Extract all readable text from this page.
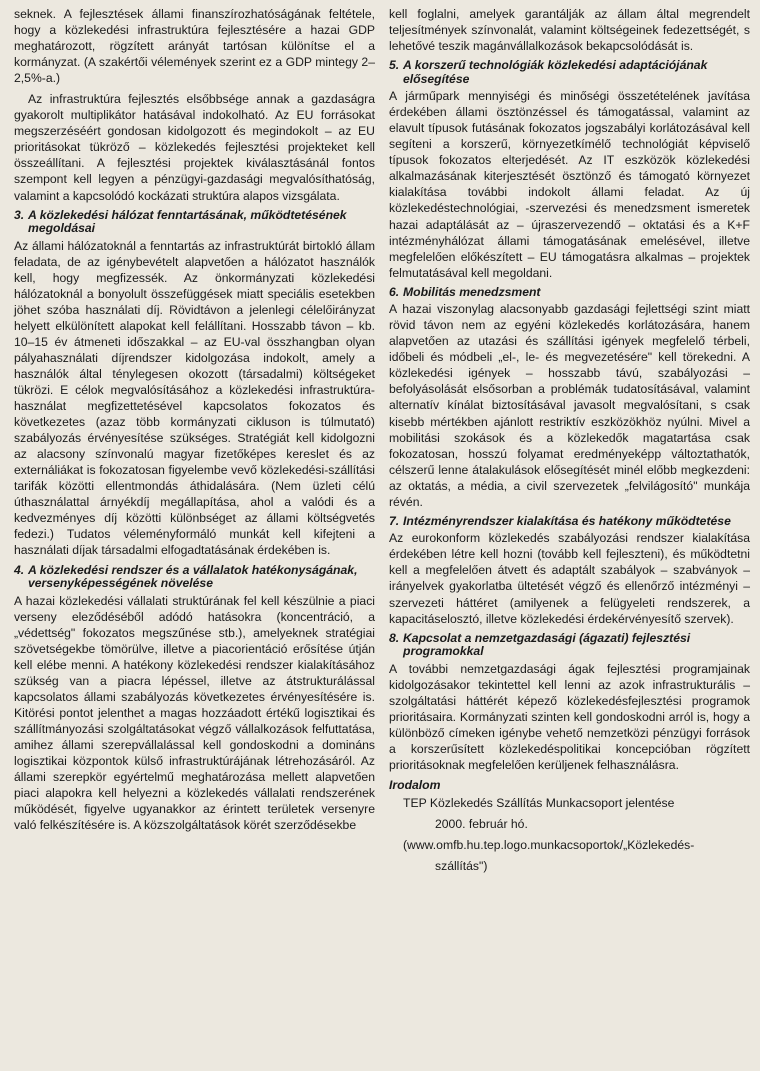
seknek. A fejlesztések állami finanszírozhatóságának feltétele, hogy a közlekedési infrastruktúra fejlesztésére a hazai GDP meghatározott, rögzített arányát tartósan különítse el a kormányzat. (A szakértői vélemények szerint ez a GDP mintegy 2–2,5%-a.)

Az infrastruktúra fejlesztés elsőbbsége annak a gazdaságra gyakorolt multiplikátor hatásával indokolható. Az EU forrásokat megszerzéséért gondosan kidolgozott és megindokolt – az EU prioritásokat tükröző – közlekedés fejlesztési projekteket kell összeállítani. A fejlesztési projektek kiválasztásánál fontos szempont kell legyen a pénzügyi-gazdasági megvalósíthatóság, valamint a kapcsolódó kockázati struktúra alapos vizsgálata.

3. A közlekedési hálózat fenntartásának, működtetésének megoldásai

Az állami hálózatoknál a fenntartás az infrastruktúrát birtokló állam feladata, de az igénybevételt alapvetően a hálózatot használók kell, hogy megfizessék. Az önkormányzati közlekedési hálózatoknál a bonyolult összefüggések miatt speciális esetekben jöhet szóba használati díj. Rövidtávon a jelenlegi célelőirányzat helyett elkülönített alapokat kell felállítani. Hosszabb távon – kb. 10–15 év átmeneti időszakkal – az EU-val összhangban olyan pályahasználati díjrendszer kidolgozása indokolt, amely a használók által ténylegesen okozott (társadalmi) költségeket tükrözi. E célok megvalósításához a közlekedési infrastruktúra-használat megfizettetésével kapcsolatos fokozatos és következetes (azaz több kormányzati cikluson is túlmutató) szabályozás érvényesítése szükséges. Stratégiát kell kidolgozni az alacsony színvonalú magyar fizetőképes kereslet és az externáliákat is fokozatosan figyelembe vevő közlekedési-szállítási tarifák közötti ellentmondás áthidalására. (Nem üzleti célú úthasználattal árnyékdíj megállapítása, ahol a valódi és a kedvezményes díj közötti különbséget az állami költségvetés fedezi.) Tudatos véleményformáló munkát kell kifejteni a használati díjak társadalmi elfogadtatásának érdekében is.

4. A közlekedési rendszer és a vállalatok hatékonyságának, versenyképességének növelése

A hazai közlekedési vállalati struktúrának fel kell készülnie a piaci verseny eleződéséből adódó hatásokra (koncentráció, a „védettség" fokozatos megszűnése stb.), amelyeknek stratégiai szövetségekbe tömörülve, illetve a piacorientáció erősítése útján kell elébe menni. A hatékony közlekedési rendszer kialakításához szükség van a piacra lépéssel, illetve az átstrukturálással kapcsolatos állami szabályozás következetes érvényesítésére is. Kitörési pontot jelenthet a magas hozzáadott értékű logisztikai és szállítmányozási szolgáltatásokat végző vállalkozások felfuttatása, amihez állami szerepvállalással kell gondoskodni a domináns logisztikai központok külső infrastruktúrájának létrehozásáról. Az állami szerepkör egyértelmű meghatározása mellett alapvetően piaci alapokra kell helyezni a közlekedés vállalati rendszerének működését, figyelve ugyanakkor az érintett területek versenyre való felkészítésére is. A közszolgáltatások körét szerződésekbe

kell foglalni, amelyek garantálják az állam által megrendelt teljesítmények színvonalát, valamint költségeinek fedezettségét, s lehetővé teszik magánvállalkozások bekapcsolódását is.

5. A korszerű technológiák közlekedési adaptációjának elősegítése

A járműpark mennyiségi és minőségi összetételének javítása érdekében állami ösztönzéssel és támogatással, valamint az elavult típusok futásának fokozatos jogszabályi korlátozásával kell segíteni a korszerű, környezetkímélő technológiát képviselő típusok fokozatos elterjedését. Az IT eszközök közlekedési alkalmazásának kiterjesztését ösztönző és támogató környezet kialakítása további indokolt állami feladat. Az új közlekedéstechnológiai, -szervezési és menedzsment ismeretek hazai adaptálását az – újraszervezendő – oktatási és a K+F intézményhálózat állami támogatásának emelésével, illetve megfelelően előkészített – EU támogatásra alkalmas – projektek felmutatásával kell megoldani.

6. Mobilitás menedzsment

A hazai viszonylag alacsonyabb gazdasági fejlettségi szint miatt rövid távon nem az egyéni közlekedés korlátozására, hanem alapvetően az utazási és szállítási igények megfelelő térbeli, időbeli és módbeli „el-, le- és megvezetésére" kell törekedni. A közlekedési igények – hosszabb távú, szabályozási – befolyásolását elsősorban a problémák tudatosításával, valamint alternatív kínálat biztosításával javasolt megvalósítani, s csak kisebb mértékben ajánlott restriktív eszközökhöz nyúlni. Mivel a mobilitási szokások és a közlekedők magatartása csak fokozatosan, hosszú folyamat eredményeképp változtathatók, célszerű lenne átalakulások elősegítését minél előbb megkezdeni: az oktatás, a média, a civil szervezetek „felvilágosító" munkája révén.

7. Intézményrendszer kialakítása és hatékony működtetése

Az eurokonform közlekedés szabályozási rendszer kialakítása érdekében létre kell hozni (tovább kell fejleszteni), és működtetni kell a megfelelően átvett és adaptált szabályok – szabványok – irányelvek gyakorlatba ültetését végző és ellenőrző intézményi – szervezeti háttéret (amilyenek a felügyeleti rendszerek, a kapacitáselosztó, illetve közlekedési érdekérvényesítő szervek).

8. Kapcsolat a nemzetgazdasági (ágazati) fejlesztési programokkal

A további nemzetgazdasági ágak fejlesztési programjainak kidolgozásakor tekintettel kell lenni az azok infrastrukturális – szolgáltatási háttérét képező közlekedésfejlesztési programok prioritásaira. Kormányzati szinten kell gondoskodni arról is, hogy a különböző címeken igénybe vehető nemzetközi pénzügyi források a korszerűsített közlekedéspolitikai koncepcióban rögzített prioritásoknak megfelelően kerüljenek felhasználásra.

Irodalom

TEP Közlekedés Szállítás Munkacsoport jelentése

2000. február hó.

(www.omfb.hu.tep.logo.munkacsoportok/„Közlekedés-

szállítás")
